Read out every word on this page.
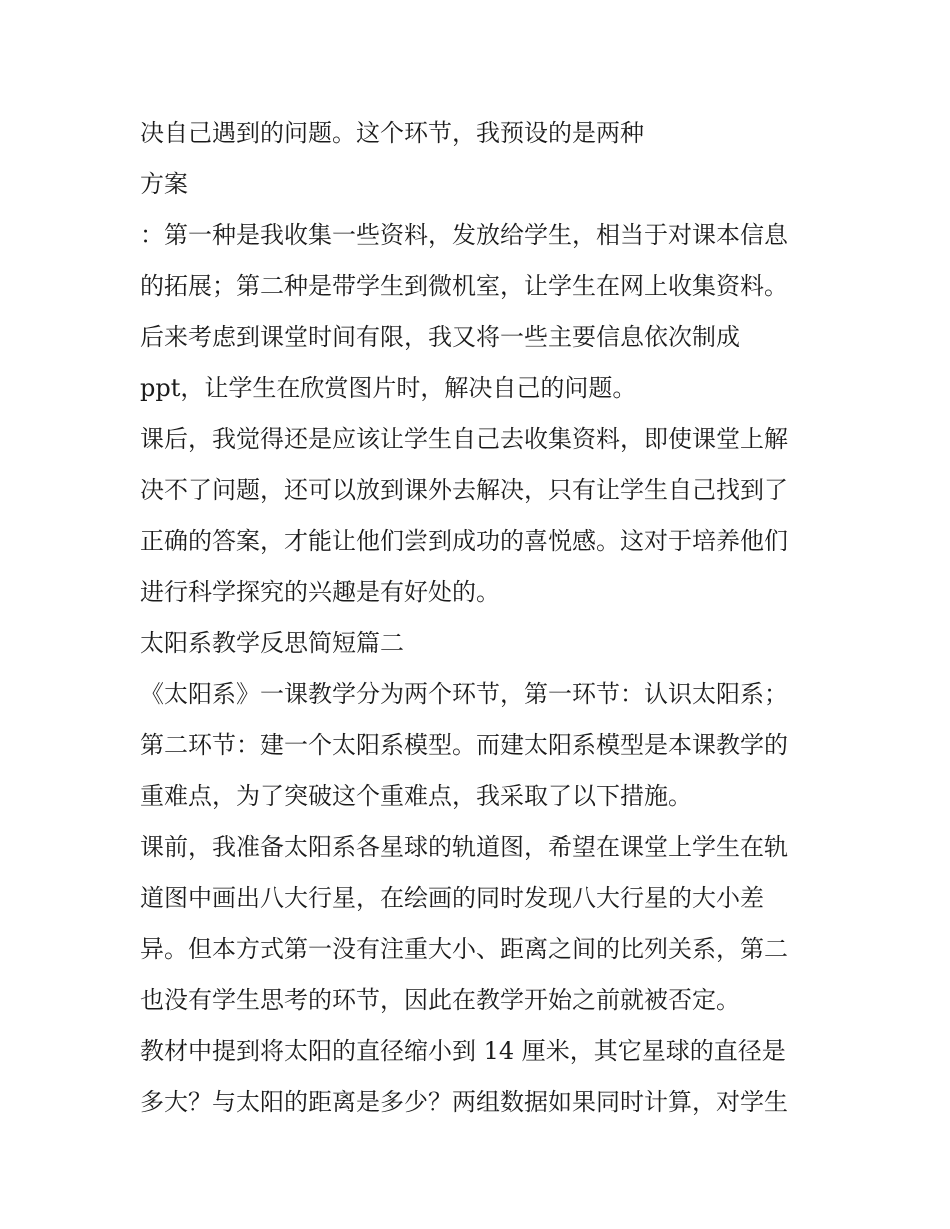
决自己遇到的问题。这个环节，我预设的是两种
方案
：第一种是我收集一些资料，发放给学生，相当于对课本信息
的拓展；第二种是带学生到微机室，让学生在网上收集资料。
后来考虑到课堂时间有限，我又将一些主要信息依次制成
ppt，让学生在欣赏图片时，解决自己的问题。
课后，我觉得还是应该让学生自己去收集资料，即使课堂上解
决不了问题，还可以放到课外去解决，只有让学生自己找到了
正确的答案，才能让他们尝到成功的喜悦感。这对于培养他们
进行科学探究的兴趣是有好处的。
太阳系教学反思简短篇二
《太阳系》一课教学分为两个环节，第一环节：认识太阳系；
第二环节：建一个太阳系模型。而建太阳系模型是本课教学的
重难点，为了突破这个重难点，我采取了以下措施。
课前，我准备太阳系各星球的轨道图，希望在课堂上学生在轨
道图中画出八大行星，在绘画的同时发现八大行星的大小差
异。但本方式第一没有注重大小、距离之间的比列关系，第二
也没有学生思考的环节，因此在教学开始之前就被否定。
教材中提到将太阳的直径缩小到 14 厘米，其它星球的直径是
多大？与太阳的距离是多少？两组数据如果同时计算，对学生
